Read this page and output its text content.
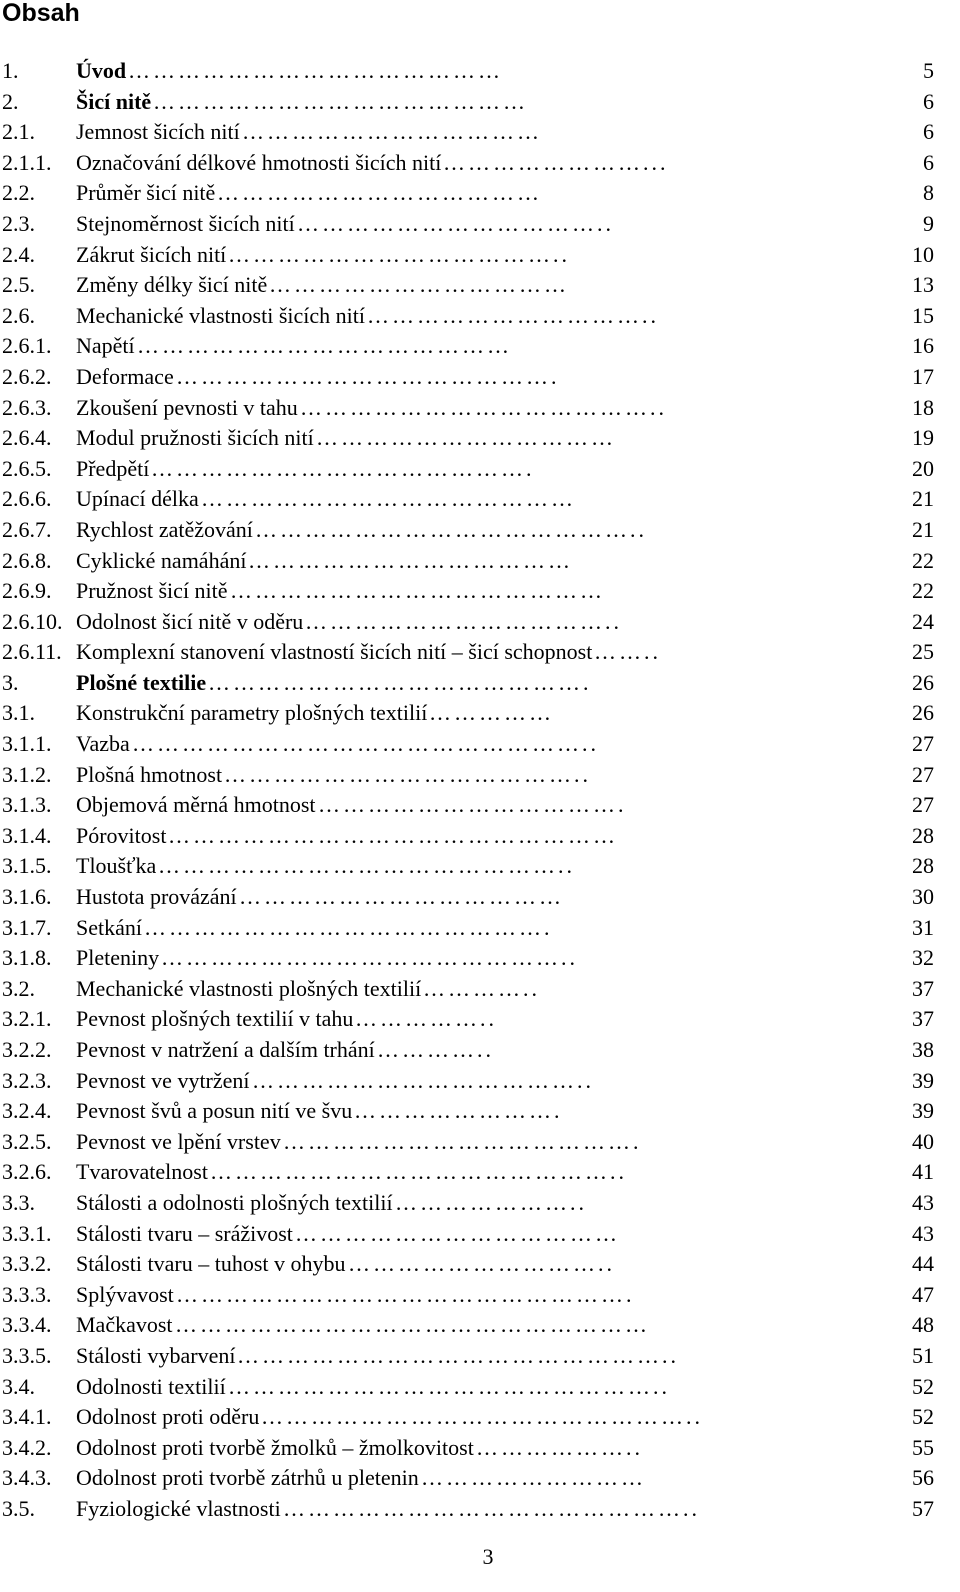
Obsah
1.	Úvod ………………………………………	5
2.	Šicí nitě ………………………………………	6
2.1. Jemnost šicích nití ………………………………	6
2.1.1. Označování délkové hmotnosti šicích nití ……………………...	6
2.2. Průměr šicí nitě …………………………………	8
2.3. Stejnoměrnost šicích nití ………………………………..	9
2.4. Zákrut šicích nití …………………………………..	10
2.5. Změny délky šicí nitě ………………………………	13
2.6. Mechanické vlastnosti šicích nití ……………………………..	15
2.6.1. Napětí ………………………………………	16
2.6.2. Deformace ……………………………………….	17
2.6.3. Zkoušení pevnosti v tahu ……………………………………..	18
2.6.4. Modul pružnosti šicích nití ………………………………	19
2.6.5. Předpětí ……………………………………….	20
2.6.6. Upínací délka ………………………………………	21
2.6.7. Rychlost zatěžování ………………………………………..	21
2.6.8. Cyklické namáhání …………………………………	22
2.6.9. Pružnost šicí nitě ………………………………………	22
2.6.10. Odolnost šicí nitě v oděru ………………………………..	24
2.6.11. Komplexní stanovení vlastností šicích nití – šicí schopnost ……..	25
3.	Plošné textilie ……………………………………….	26
3.1. Konstrukční parametry plošných textilií ……………	26
3.1.1. Vazba ………………………………………………..	27
3.1.2. Plošná hmotnost ……………………………………..	27
3.1.3. Objemová měrná hmotnost ……………………………….	27
3.1.4. Pórovitost ………………………………………………	28
3.1.5. Tloušťka …………………………………………..	28
3.1.6. Hustota provázání …………………………………	30
3.1.7. Setkání ………………………………………….	31
3.1.8. Pleteniny …………………………………………..	32
3.2. Mechanické vlastnosti plošných textilií …………..	37
3.2.1. Pevnost plošných textilií v tahu ……………..	37
3.2.2. Pevnost v natržení a dalším trhání …………..	38
3.2.3. Pevnost ve vytržení …………………………………..	39
3.2.4. Pevnost švů a posun nití ve švu …………………….	39
3.2.5. Pevnost ve lpění vrstev …………………………………….	40
3.2.6. Tvarovatelnost …………………………………………..	41
3.3. Stálosti a odolnosti plošných textilií …………………..	43
3.3.1. Stálosti tvaru – sráživost …………………………………	43
3.3.2. Stálosti tvaru – tuhost v ohybu …………………………..	44
3.3.3. Splývavost ……………………………………………….	47
3.3.4. Mačkavost …………………………………………………	48
3.3.5. Stálosti vybarvení ……………………………………………..	51
3.4. Odolnosti textilií ……………………………………………..	52
3.4.1. Odolnost proti oděru ……………………………………………..	52
3.4.2. Odolnost proti tvorbě žmolků – žmolkovitost ………………..	55
3.4.3. Odolnost proti tvorbě zátrhů u pletenin ………………………	56
3.5. Fyziologické vlastnosti …………………………………………..	57
3
